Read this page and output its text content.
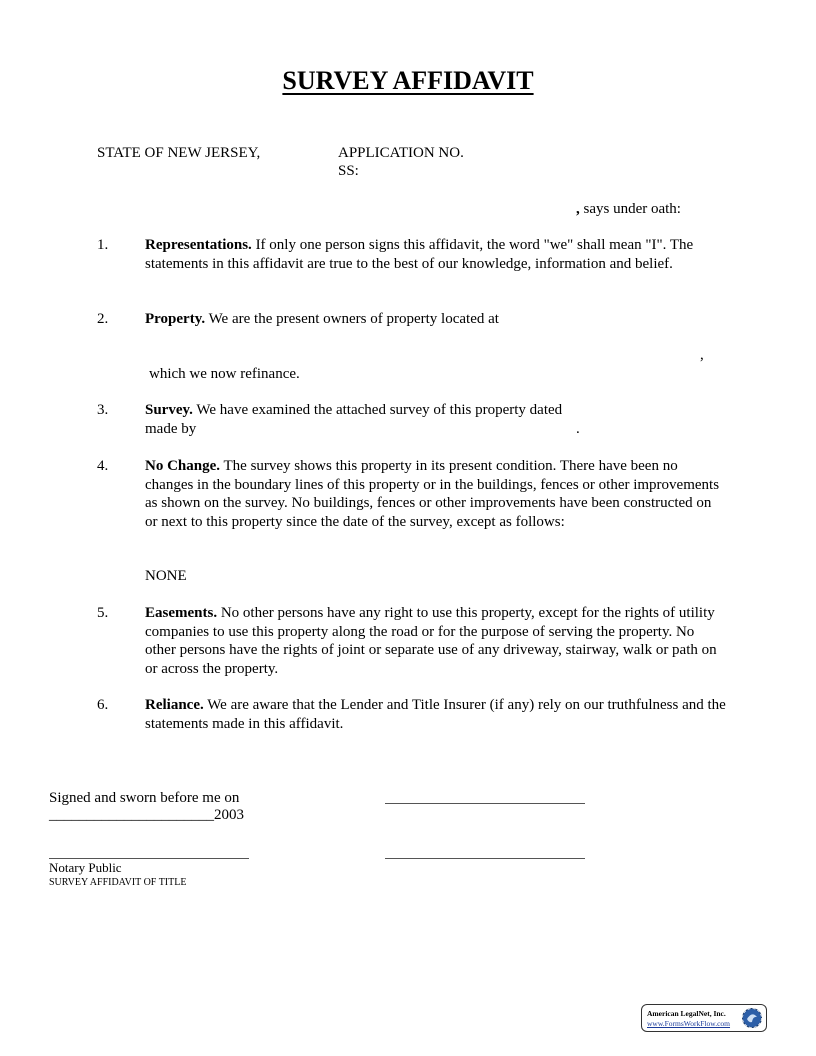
SURVEY AFFIDAVIT
STATE OF NEW JERSEY,	APPLICATION NO.
SS:
, says under oath:
1. Representations. If only one person signs this affidavit, the word "we" shall mean "I". The statements in this affidavit are true to the best of our knowledge, information and belief.
2. Property. We are the present owners of property located at
,
which we now refinance.
3. Survey. We have examined the attached survey of this property dated
made by	.
4. No Change. The survey shows this property in its present condition. There have been no changes in the boundary lines of this property or in the buildings, fences or other improvements as shown on the survey. No buildings, fences or other improvements have been constructed on or next to this property since the date of the survey, except as follows:
NONE
5. Easements. No other persons have any right to use this property, except for the rights of utility companies to use this property along the road or for the purpose of serving the property. No other persons have the rights of joint or separate use of any driveway, stairway, walk or path on or across the property.
6. Reliance. We are aware that the Lender and Title Insurer (if any) rely on our truthfulness and the statements made in this affidavit.
Signed and sworn before me on
______________________2003
Notary Public
SURVEY AFFIDAVIT OF TITLE
American LegalNet, Inc.
www.FormsWorkFlow.com
